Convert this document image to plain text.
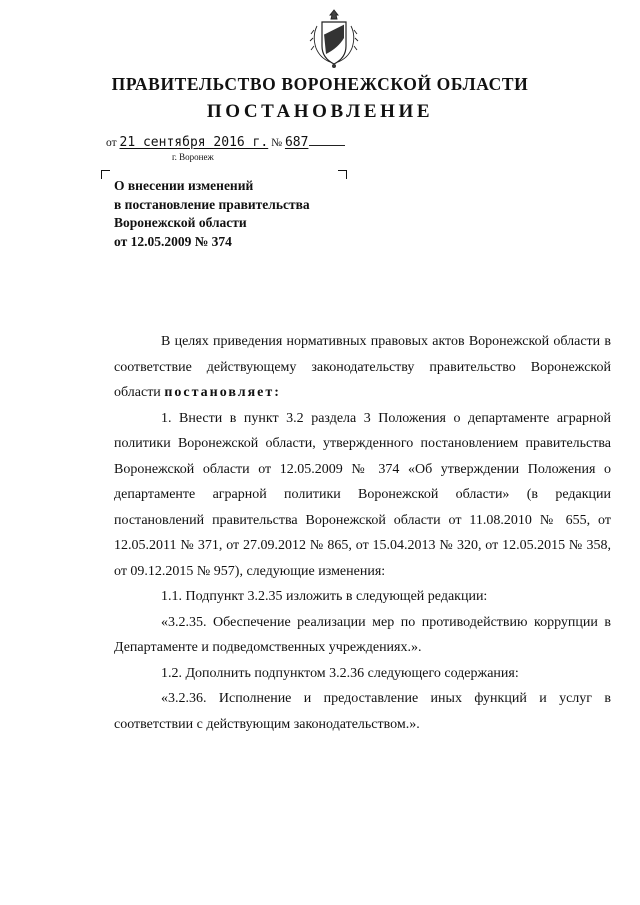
ПРАВИТЕЛЬСТВО ВОРОНЕЖСКОЙ ОБЛАСТИ
ПОСТАНОВЛЕНИЕ
от 21 сентября 2016 г. № 687
г. Воронеж
О внесении изменений
в постановление правительства
Воронежской области
от 12.05.2009 № 374

В целях приведения нормативных правовых актов Воронежской области в соответствие действующему законодательству правительство Воронежской области постановляет:

1. Внести в пункт 3.2 раздела 3 Положения о департаменте аграрной политики Воронежской области, утвержденного постановлением правительства Воронежской области от 12.05.2009 № 374 «Об утверждении Положения о департаменте аграрной политики Воронежской области» (в редакции постановлений правительства Воронежской области от 11.08.2010 № 655, от 12.05.2011 № 371, от 27.09.2012 № 865, от 15.04.2013 № 320, от 12.05.2015 № 358, от 09.12.2015 № 957), следующие изменения:

1.1. Подпункт 3.2.35 изложить в следующей редакции:

«3.2.35. Обеспечение реализации мер по противодействию коррупции в Департаменте и подведомственных учреждениях.».

1.2. Дополнить подпунктом 3.2.36 следующего содержания:

«3.2.36. Исполнение и предоставление иных функций и услуг в соответствии с действующим законодательством.».
